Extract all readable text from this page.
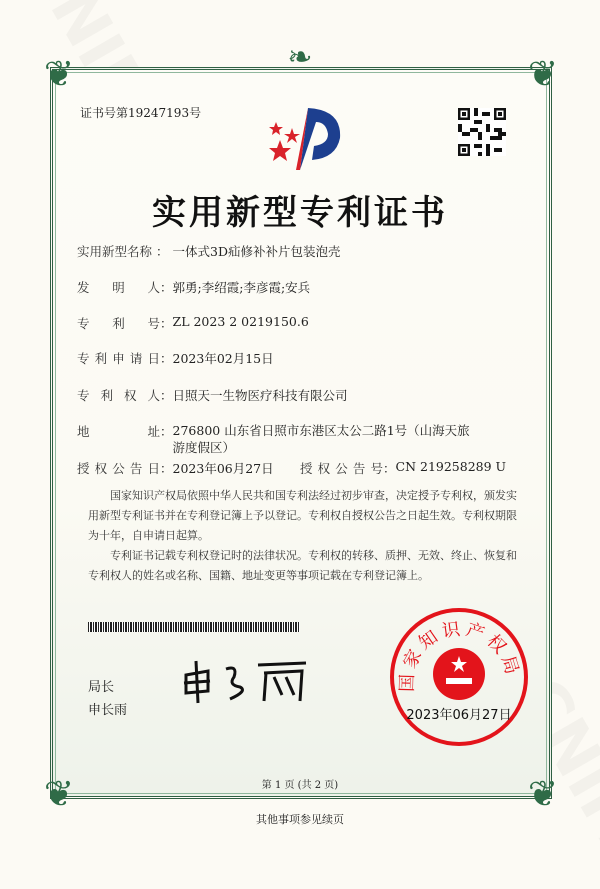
❦	❦
❦	❦
❧
证书号第19247193号
实用新型专利证书
实用新型名称 ： 一体式3D疝修补补片包装泡壳
发 明 人 ： 郭勇;李绍霞;李彦霞;安兵
专 利 号 ： ZL 2023 2 0219150.6
专 利 申 请 日 ： 2023年02月15日
专 利 权 人 ： 日照天一生物医疗科技有限公司
地	址 ： 276800 山东省日照市东港区太公二路1号（山海天旅游度假区）
授 权 公 告 日 ： 2023年06月27日 授 权 公 告 号 ： CN 219258289 U

国家知识产权局依照中华人民共和国专利法经过初步审查，决定授予专利权，颁发实用新型专利证书并在专利登记簿上予以登记。专利权自授权公告之日起生效。专利权期限为十年，自申请日起算。

专利证书记载专利权登记时的法律状况。专利权的转移、质押、无效、终止、恢复和专利权人的姓名或名称、国籍、地址变更等事项记载在专利登记簿上。

局长
申长雨
国家知识产权局
2023年06月27日
第 1 页 (共 2 页)
其他事项参见续页
